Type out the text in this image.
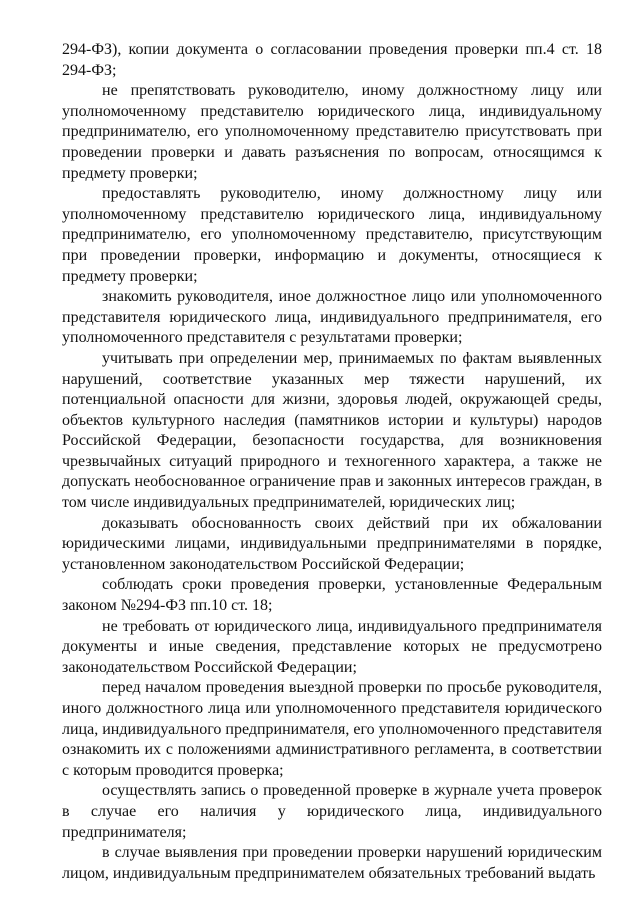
294-ФЗ), копии документа о согласовании проведения проверки пп.4 ст. 18 294-ФЗ;

не препятствовать руководителю, иному должностному лицу или уполномоченному представителю юридического лица, индивидуальному предпринимателю, его уполномоченному представителю присутствовать при проведении проверки и давать разъяснения по вопросам, относящимся к предмету проверки;

предоставлять руководителю, иному должностному лицу или уполномоченному представителю юридического лица, индивидуальному предпринимателю, его уполномоченному представителю, присутствующим при проведении проверки, информацию и документы, относящиеся к предмету проверки;

знакомить руководителя, иное должностное лицо или уполномоченного представителя юридического лица, индивидуального предпринимателя, его уполномоченного представителя с результатами проверки;

учитывать при определении мер, принимаемых по фактам выявленных нарушений, соответствие указанных мер тяжести нарушений, их потенциальной опасности для жизни, здоровья людей, окружающей среды, объектов культурного наследия (памятников истории и культуры) народов Российской Федерации, безопасности государства, для возникновения чрезвычайных ситуаций природного и техногенного характера, а также не допускать необоснованное ограничение прав и законных интересов граждан, в том числе индивидуальных предпринимателей, юридических лиц;

доказывать обоснованность своих действий при их обжаловании юридическими лицами, индивидуальными предпринимателями в порядке, установленном законодательством Российской Федерации;

соблюдать сроки проведения проверки, установленные Федеральным законом №294-ФЗ пп.10 ст. 18;

не требовать от юридического лица, индивидуального предпринимателя документы и иные сведения, представление которых не предусмотрено законодательством Российской Федерации;

перед началом проведения выездной проверки по просьбе руководителя, иного должностного лица или уполномоченного представителя юридического лица, индивидуального предпринимателя, его уполномоченного представителя ознакомить их с положениями административного регламента, в соответствии с которым проводится проверка;

осуществлять запись о проведенной проверке в журнале учета проверок в случае его наличия у юридического лица, индивидуального предпринимателя;

в случае выявления при проведении проверки нарушений юридическим лицом, индивидуальным предпринимателем обязательных требований выдать
